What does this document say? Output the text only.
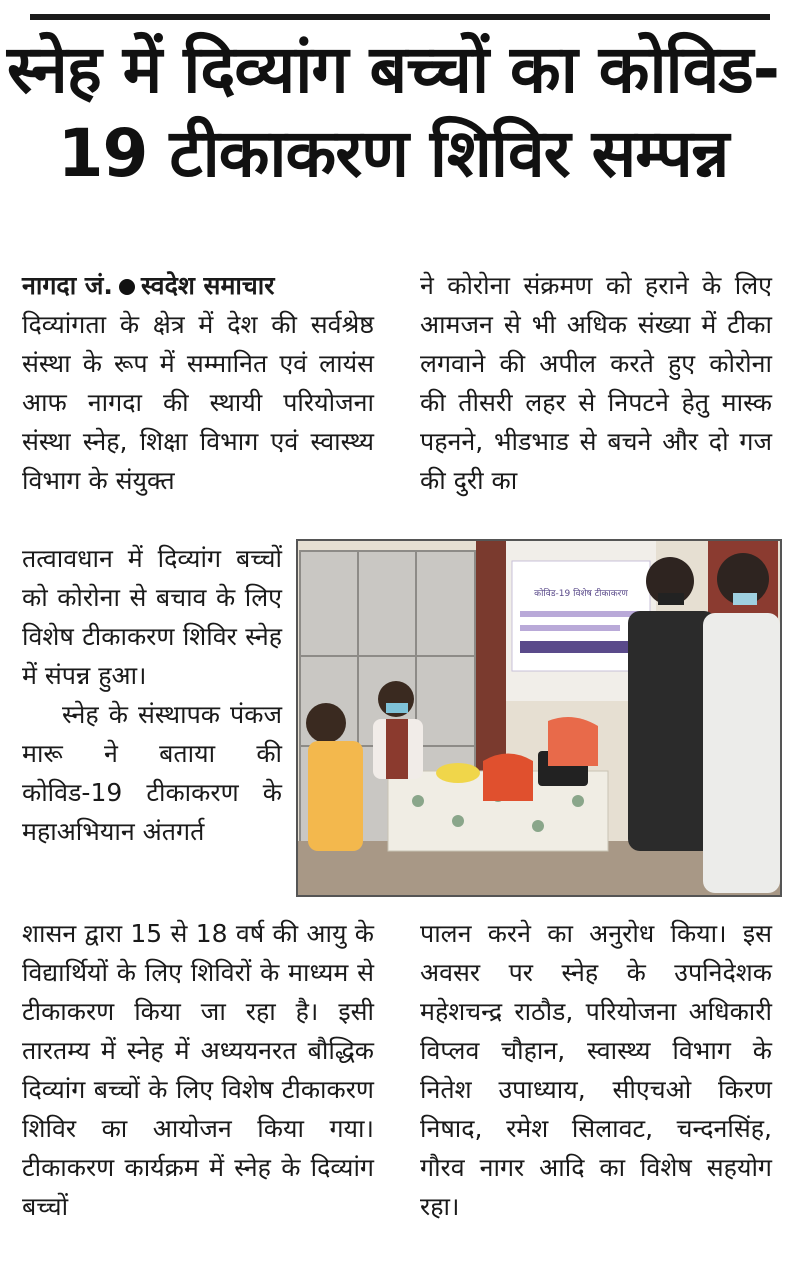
स्नेह में दिव्यांग बच्चों का कोविड-
19 टीकाकरण शिविर सम्पन्न

नागदा जं. स्वदेश समाचार

दिव्यांगता के क्षेत्र में देश की सर्वश्रेष्ठ संस्था के रूप में सम्मानित एवं लायंस आफ नागदा की स्थायी परियोजना संस्था स्नेह, शिक्षा विभाग एवं स्वास्थ्य विभाग के संयुक्त

तत्वावधान में दिव्यांग बच्चों को कोरोना से बचाव के लिए विशेष टीकाकरण शिविर स्नेह में संपन्न हुआ।

स्नेह के संस्थापक पंकज मारू ने बताया की कोविड-19 टीकाकरण के महाअभियान अंतगर्त

शासन द्वारा 15 से 18 वर्ष की आयु के विद्यार्थियों के लिए शिविरों के माध्यम से टीकाकरण किया जा रहा है। इसी तारतम्य में स्नेह में अध्ययनरत बौद्धिक दिव्यांग बच्चों के लिए विशेष टीकाकरण शिविर का आयोजन किया गया। टीकाकरण कार्यक्रम में स्नेह के दिव्यांग बच्चों

ने कोरोना संक्रमण को हराने के लिए आमजन से भी अधिक संख्या में टीका लगवाने की अपील करते हुए कोरोना की तीसरी लहर से निपटने हेतु मास्क पहनने, भीडभाड से बचने और दो गज की दुरी का

पालन करने का अनुरोध किया। इस अवसर पर स्नेह के उपनिदेशक महेशचन्द्र राठौड, परियोजना अधिकारी विप्लव चौहान, स्वास्थ्य विभाग के नितेश उपाध्याय, सीएचओ किरण निषाद, रमेश सिलावट, चन्दनसिंह, गौरव नागर आदि का विशेष सहयोग रहा।

कोविड-19 विशेष टीकाकरण
